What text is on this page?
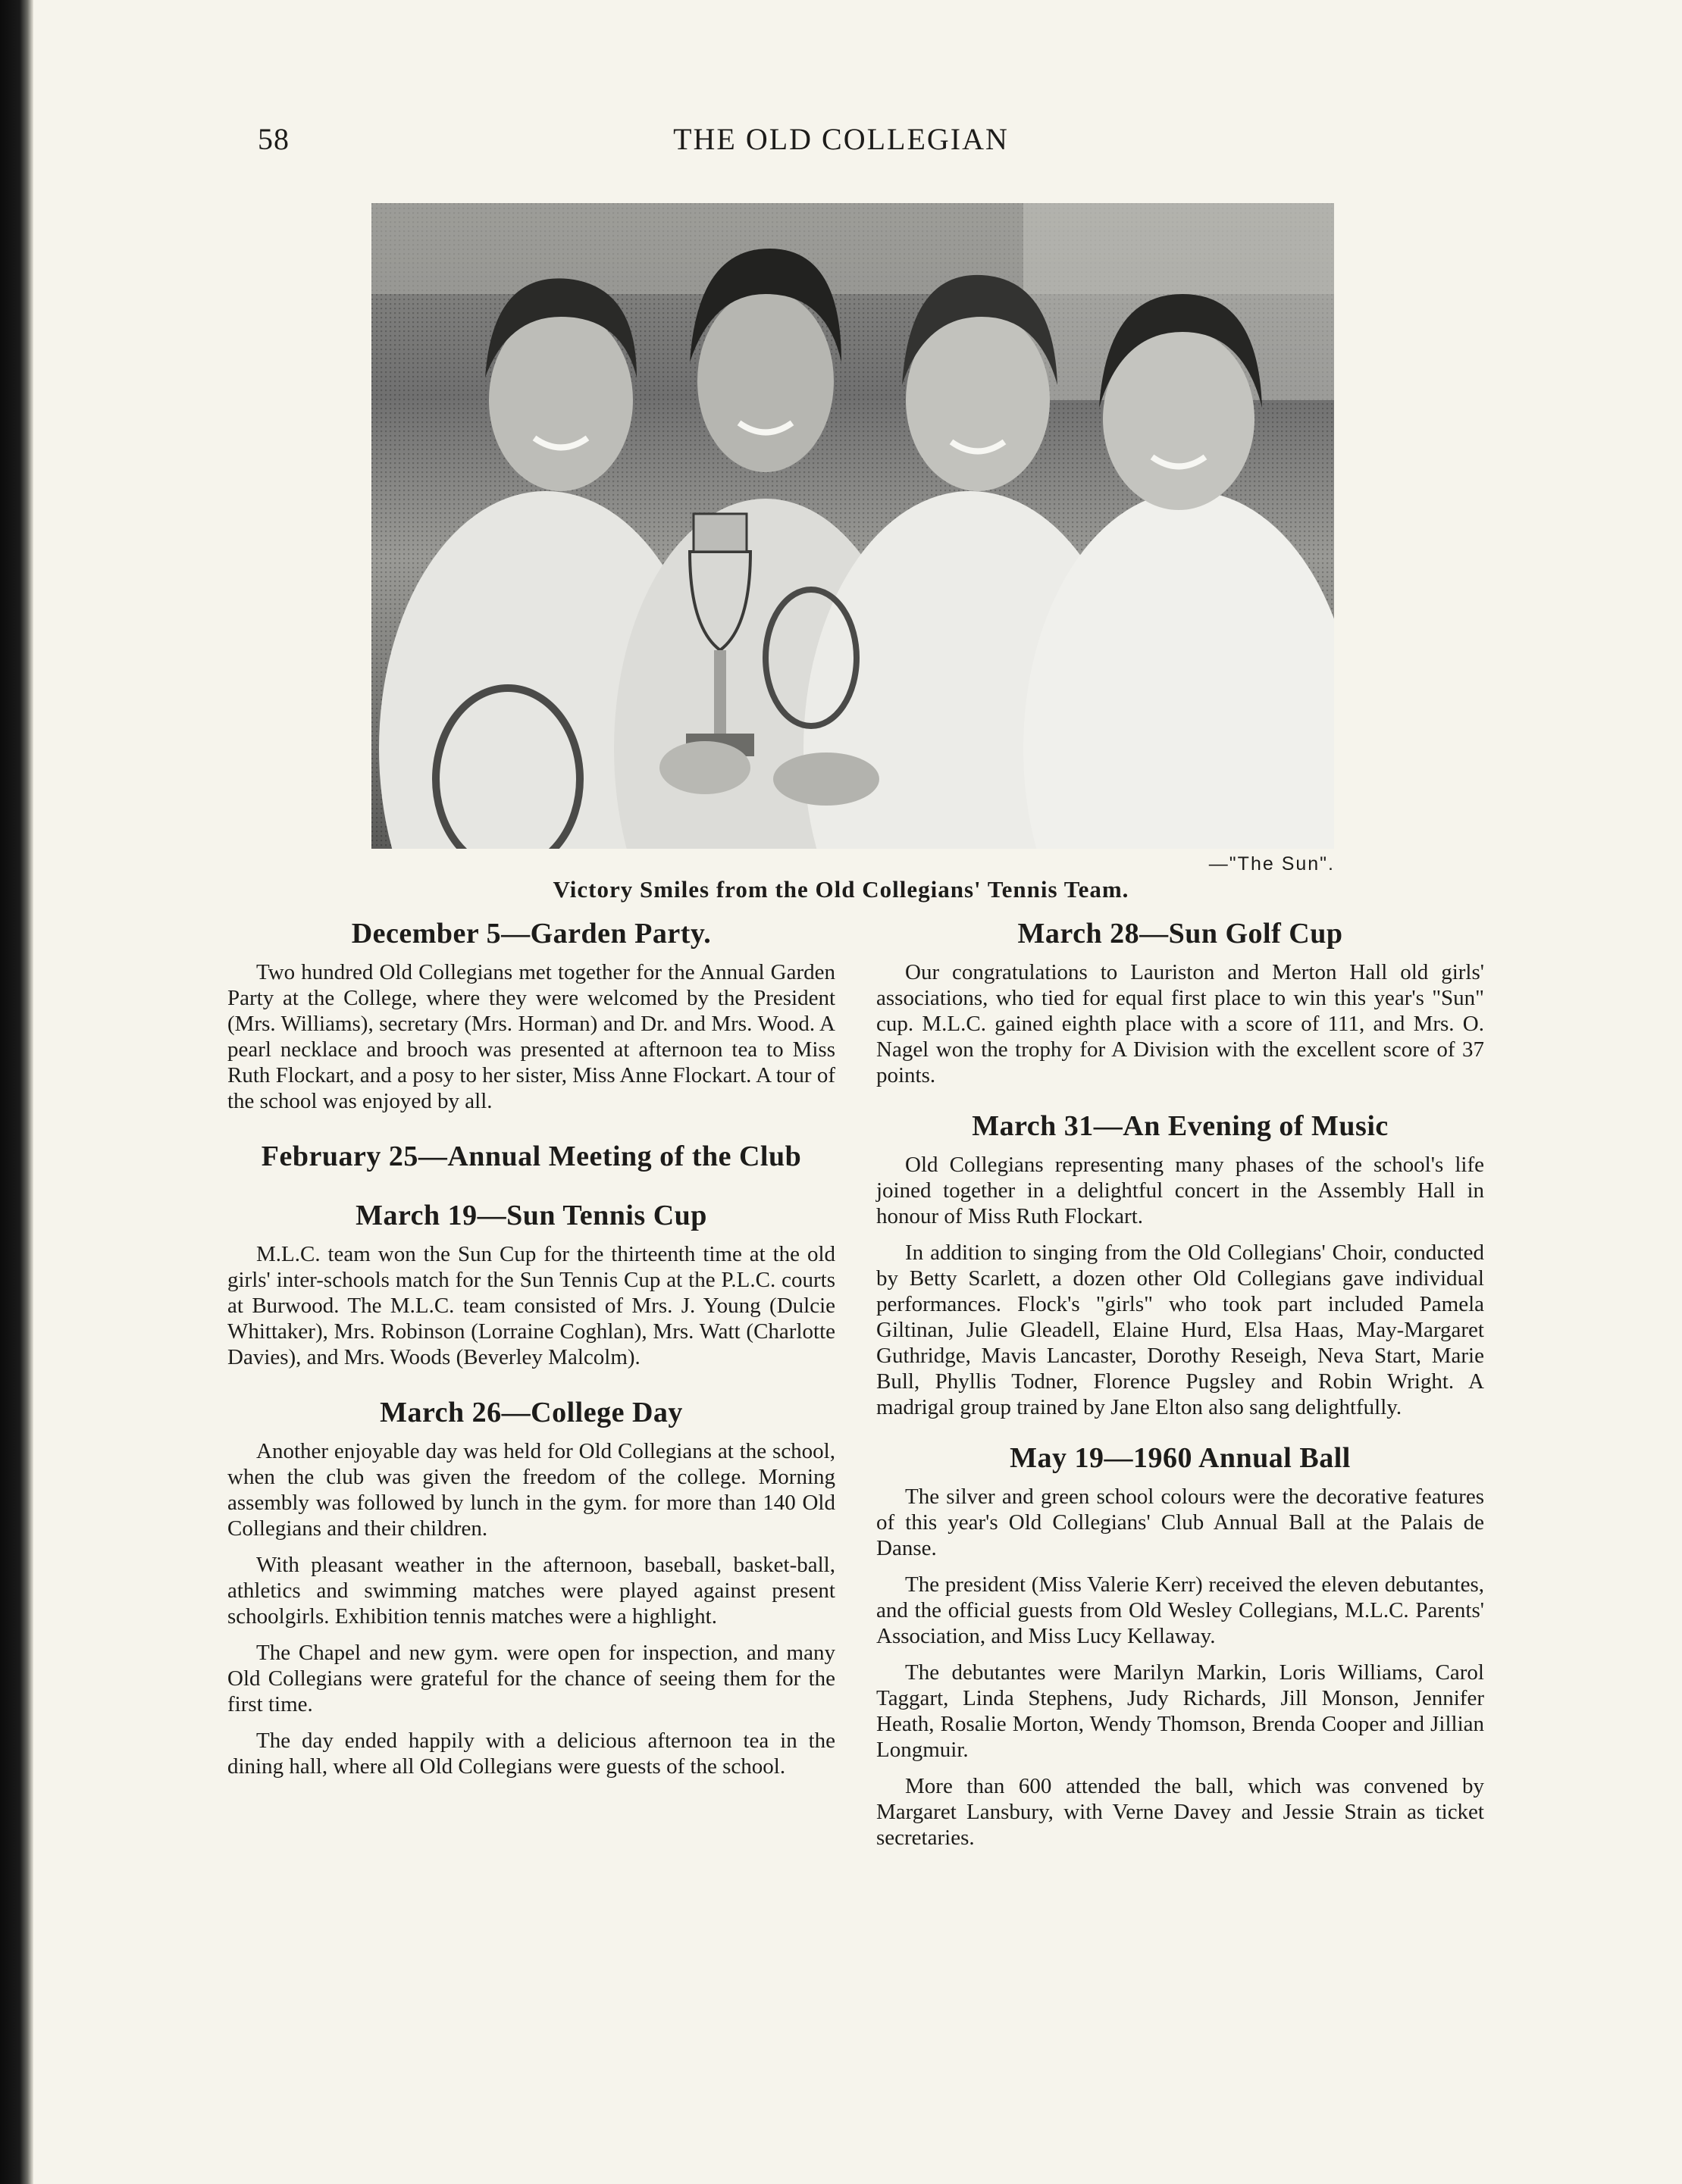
THE OLD COLLEGIAN
58
—"The Sun".
Victory Smiles from the Old Collegians' Tennis Team.
December 5—Garden Party.

Two hundred Old Collegians met together for the Annual Garden Party at the College, where they were welcomed by the President (Mrs. Williams), secretary (Mrs. Horman) and Dr. and Mrs. Wood. A pearl necklace and brooch was presented at afternoon tea to Miss Ruth Flockart, and a posy to her sister, Miss Anne Flockart. A tour of the school was enjoyed by all.

February 25—Annual Meeting of the Club
March 19—Sun Tennis Cup

M.L.C. team won the Sun Cup for the thirteenth time at the old girls' inter-schools match for the Sun Tennis Cup at the P.L.C. courts at Burwood. The M.L.C. team consisted of Mrs. J. Young (Dulcie Whittaker), Mrs. Robinson (Lorraine Coghlan), Mrs. Watt (Charlotte Davies), and Mrs. Woods (Beverley Malcolm).

March 26—College Day

Another enjoyable day was held for Old Collegians at the school, when the club was given the freedom of the college. Morning assembly was followed by lunch in the gym. for more than 140 Old Collegians and their children.

With pleasant weather in the afternoon, baseball, basket-ball, athletics and swimming matches were played against present schoolgirls. Exhibition tennis matches were a highlight.

The Chapel and new gym. were open for inspection, and many Old Collegians were grateful for the chance of seeing them for the first time.

The day ended happily with a delicious afternoon tea in the dining hall, where all Old Collegians were guests of the school.

March 28—Sun Golf Cup

Our congratulations to Lauriston and Merton Hall old girls' associations, who tied for equal first place to win this year's "Sun" cup. M.L.C. gained eighth place with a score of 111, and Mrs. O. Nagel won the trophy for A Division with the excellent score of 37 points.

March 31—An Evening of Music

Old Collegians representing many phases of the school's life joined together in a delightful concert in the Assembly Hall in honour of Miss Ruth Flockart.

In addition to singing from the Old Collegians' Choir, conducted by Betty Scarlett, a dozen other Old Collegians gave individual performances. Flock's "girls" who took part included Pamela Giltinan, Julie Gleadell, Elaine Hurd, Elsa Haas, May-Margaret Guthridge, Mavis Lancaster, Dorothy Reseigh, Neva Start, Marie Bull, Phyllis Todner, Florence Pugsley and Robin Wright. A madrigal group trained by Jane Elton also sang delightfully.

May 19—1960 Annual Ball

The silver and green school colours were the decorative features of this year's Old Collegians' Club Annual Ball at the Palais de Danse.

The president (Miss Valerie Kerr) received the eleven debutantes, and the official guests from Old Wesley Collegians, M.L.C. Parents' Association, and Miss Lucy Kellaway.

The debutantes were Marilyn Markin, Loris Williams, Carol Taggart, Linda Stephens, Judy Richards, Jill Monson, Jennifer Heath, Rosalie Morton, Wendy Thomson, Brenda Cooper and Jillian Longmuir.

More than 600 attended the ball, which was convened by Margaret Lansbury, with Verne Davey and Jessie Strain as ticket secretaries.
